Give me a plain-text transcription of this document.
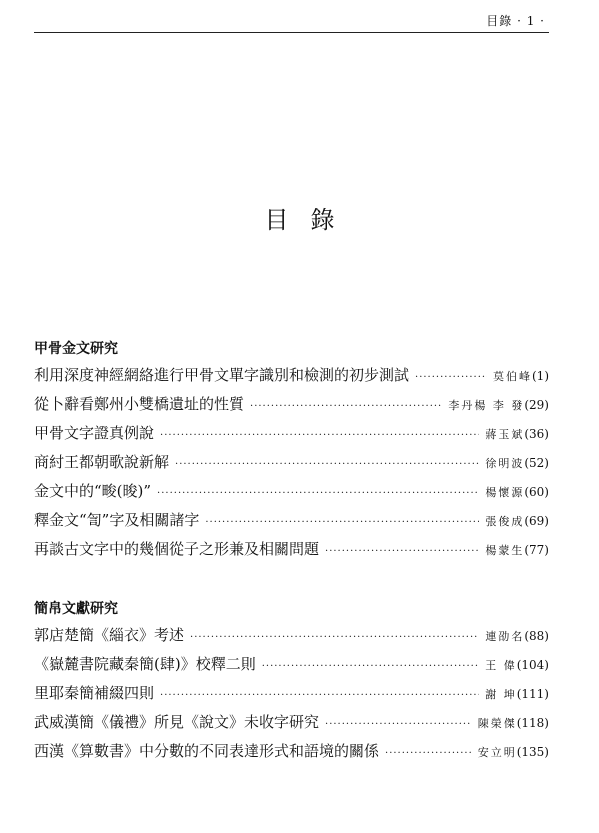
目錄 · 1 ·
目錄
甲骨金文研究
利用深度神經網絡進行甲骨文單字識別和檢測的初步測試 ·····	莫伯峰 (1)
從卜辭看鄭州小雙橋遺址的性質 ·····	李丹楊 李 發 (29)
甲骨文字證真例說 ·····	蔣玉斌 (36)
商紂王都朝歌說新解 ·····	徐明波 (52)
金文中的“畯(晙)” ·····	楊懷源 (60)
釋金文“訇”字及相關諸字 ·····	張俊成 (69)
再談古文字中的幾個從子之形兼及相關問題 ·····	楊蒙生 (77)
簡帛文獻研究
郭店楚簡《緇衣》考述 ·····	連劭名 (88)
《嶽麓書院藏秦簡(肆)》校釋二則 ·····	王 偉 (104)
里耶秦簡補綴四則 ·····	謝 坤 (111)
武威漢簡《儀禮》所見《說文》未收字研究 ·····	陳榮傑 (118)
西漢《算數書》中分數的不同表達形式和語境的關係 ·····	安立明 (135)
